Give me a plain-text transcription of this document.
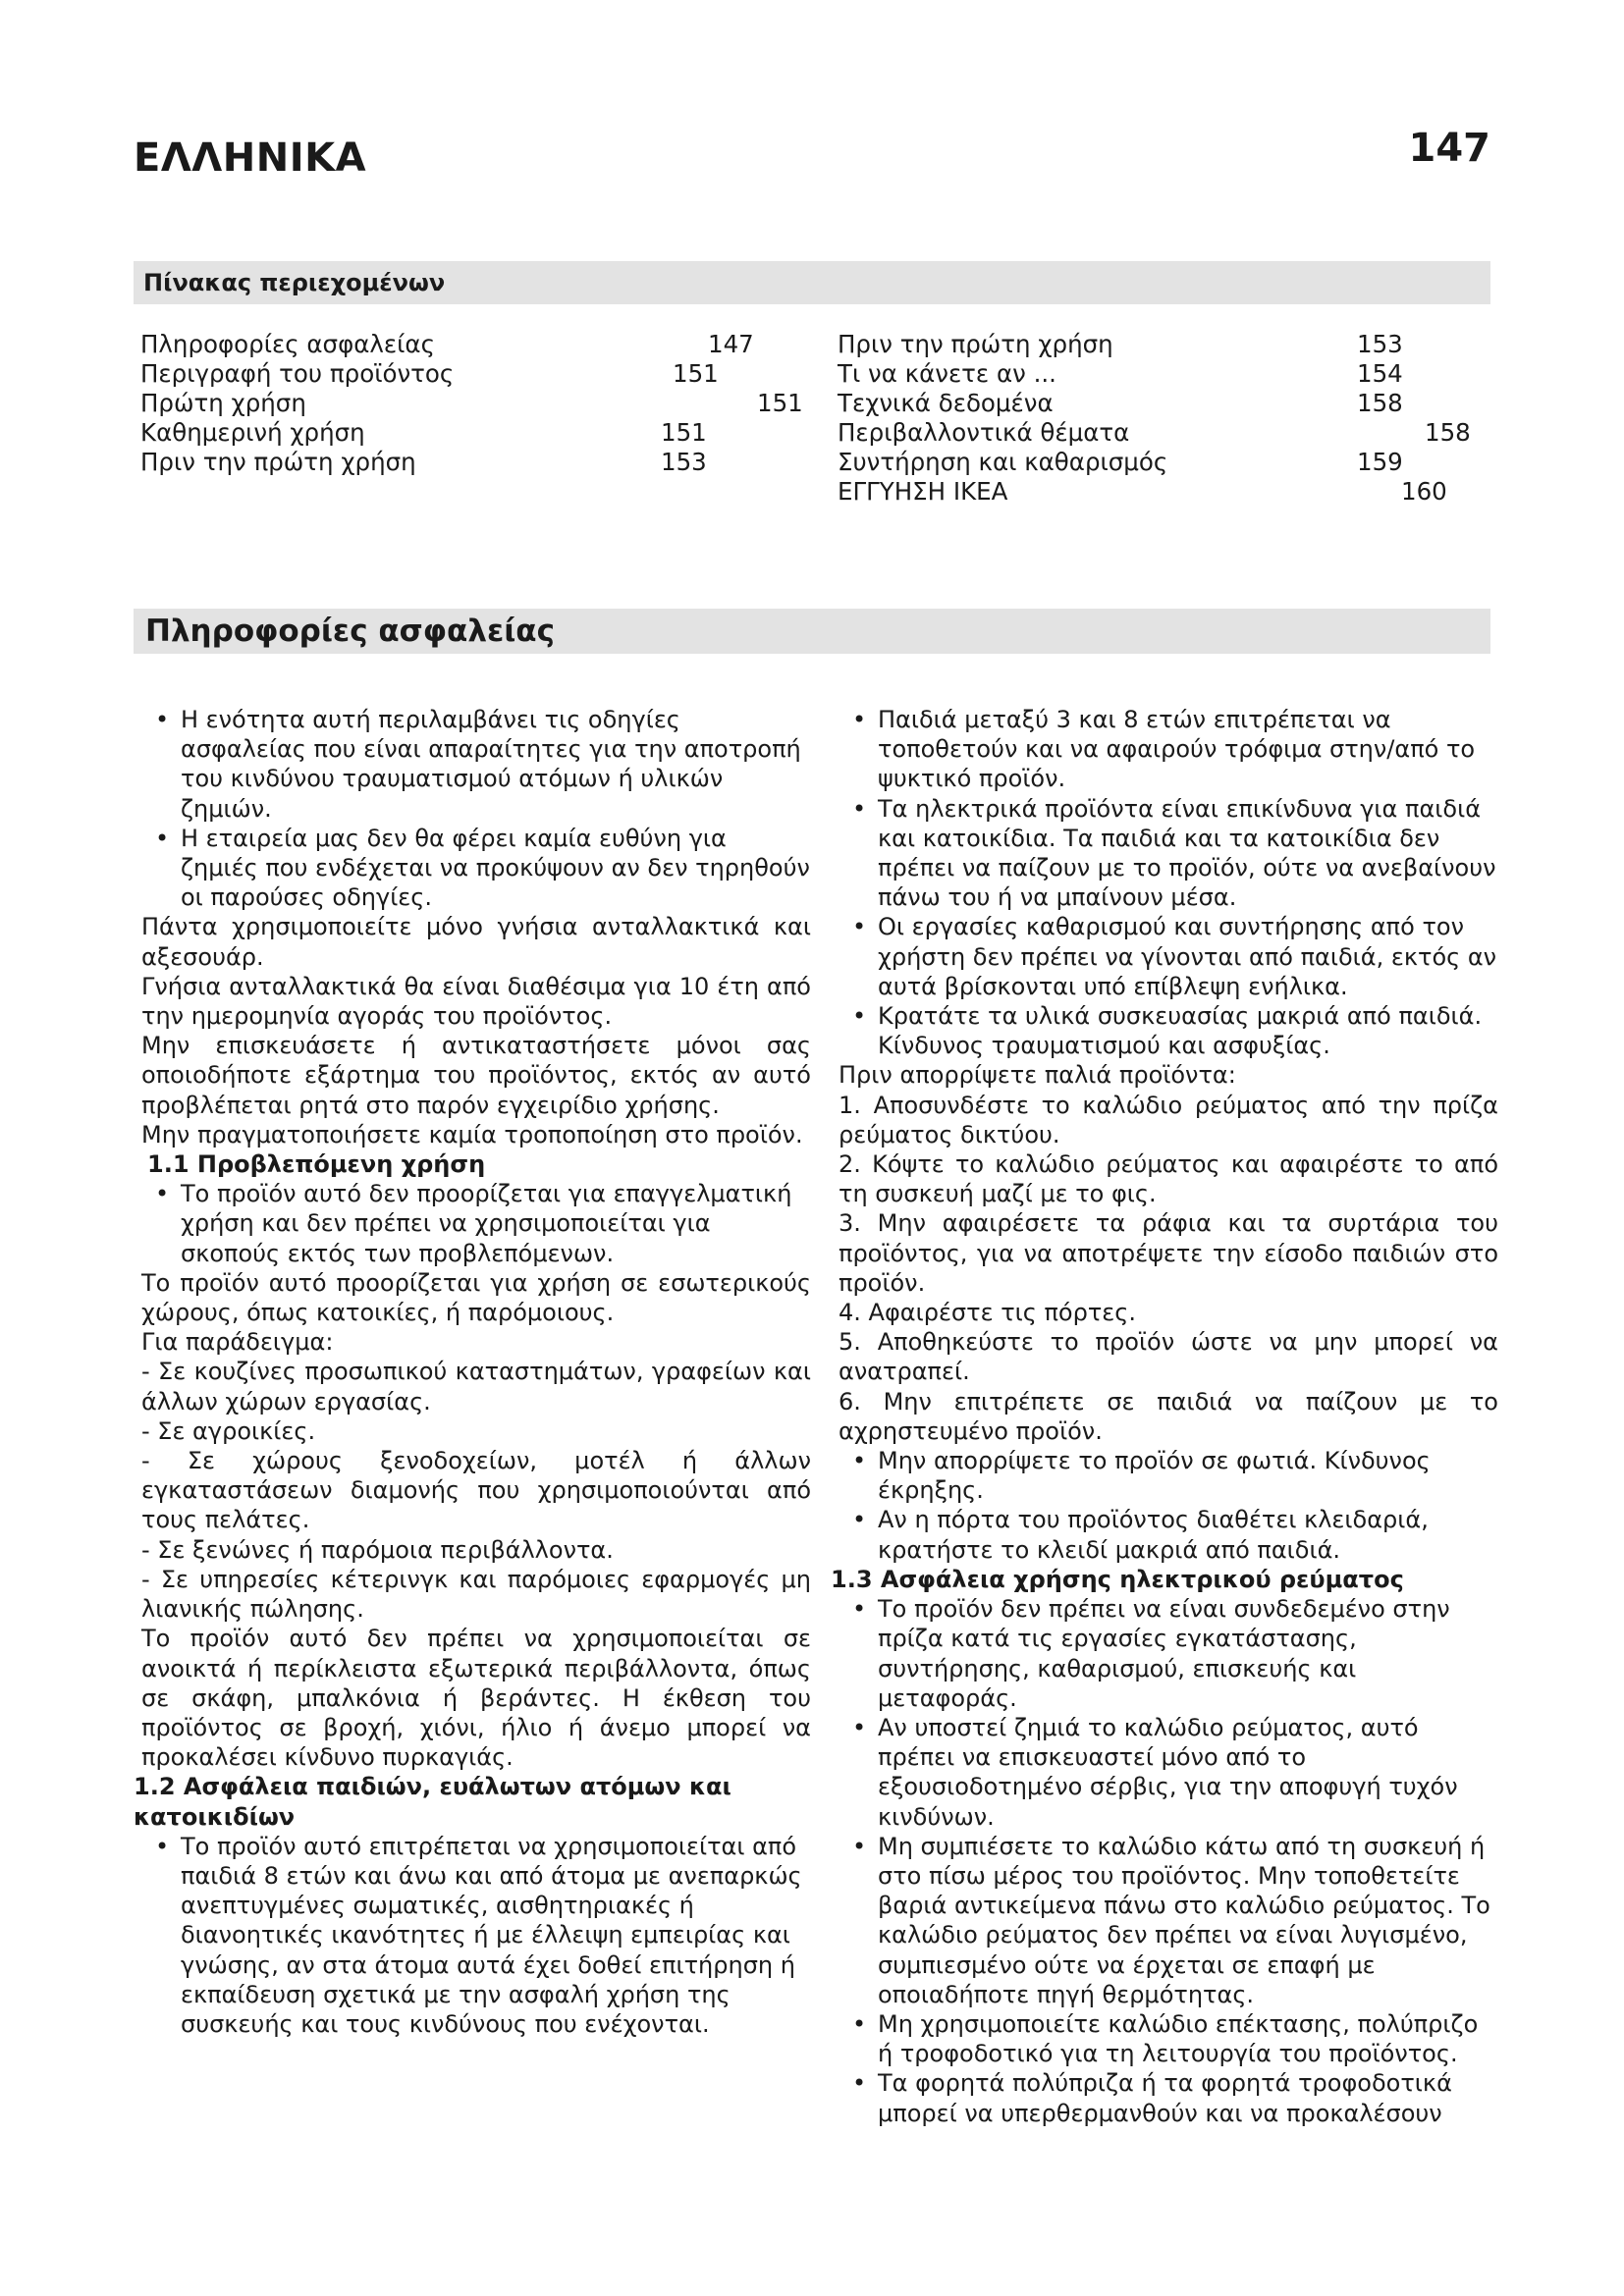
ΕΛΛΗΝΙΚΑ	147
Πίνακας περιεχομένων
Πληροφορίες ασφαλείας	147
Περιγραφή του προϊόντος	151
Πρώτη χρήση	151
Καθημερινή χρήση	151
Πριν την πρώτη χρήση	153
Πριν την πρώτη χρήση	153
Τι να κάνετε αν ...	154
Τεχνικά δεδομένα	158
Περιβαλλοντικά θέματα	158
Συντήρηση και καθαρισμός	159
ΕΓΓΥΗΣΗ IKEA	160
Πληροφορίες ασφαλείας

• Η ενότητα αυτή περιλαμβάνει τις οδηγίες ασφαλείας που είναι απαραίτητες για την αποτροπή του κινδύνου τραυματισμού ατόμων ή υλικών ζημιών.

• Η εταιρεία μας δεν θα φέρει καμία ευθύνη για ζημιές που ενδέχεται να προκύψουν αν δεν τηρηθούν οι παρούσες οδηγίες.

Πάντα χρησιμοποιείτε μόνο γνήσια ανταλλακτικά και αξεσουάρ.

Γνήσια ανταλλακτικά θα είναι διαθέσιμα για 10 έτη από την ημερομηνία αγοράς του προϊόντος.

Μην επισκευάσετε ή αντικαταστήσετε μόνοι σας οποιοδήποτε εξάρτημα του προϊόντος, εκτός αν αυτό προβλέπεται ρητά στο παρόν εγχειρίδιο χρήσης.

Μην πραγματοποιήσετε καμία τροποποίηση στο προϊόν.

1.1 Προβλεπόμενη χρήση

• Το προϊόν αυτό δεν προορίζεται για επαγγελματική χρήση και δεν πρέπει να χρησιμοποιείται για σκοπούς εκτός των προβλεπόμενων.

Το προϊόν αυτό προορίζεται για χρήση σε εσωτερικούς χώρους, όπως κατοικίες, ή παρόμοιους.

Για παράδειγμα:

- Σε κουζίνες προσωπικού καταστημάτων, γραφείων και άλλων χώρων εργασίας.

- Σε αγροικίες.

- Σε χώρους ξενοδοχείων, μοτέλ ή άλλων εγκαταστάσεων διαμονής που χρησιμοποιούνται από τους πελάτες.

- Σε ξενώνες ή παρόμοια περιβάλλοντα.

- Σε υπηρεσίες κέτερινγκ και παρόμοιες εφαρμογές μη λιανικής πώλησης.

Το προϊόν αυτό δεν πρέπει να χρησιμοποιείται σε ανοικτά ή περίκλειστα εξωτερικά περιβάλλοντα, όπως σε σκάφη, μπαλκόνια ή βεράντες. Η έκθεση του προϊόντος σε βροχή, χιόνι, ήλιο ή άνεμο μπορεί να προκαλέσει κίνδυνο πυρκαγιάς.

1.2 Ασφάλεια παιδιών, ευάλωτων ατόμων και κατοικιδίων

• Το προϊόν αυτό επιτρέπεται να χρησιμοποιείται από παιδιά 8 ετών και άνω και από άτομα με ανεπαρκώς ανεπτυγμένες σωματικές, αισθητηριακές ή διανοητικές ικανότητες ή με έλλειψη εμπειρίας και γνώσης, αν στα άτομα αυτά έχει δοθεί επιτήρηση ή εκπαίδευση σχετικά με την ασφαλή χρήση της συσκευής και τους κινδύνους που ενέχονται.

• Παιδιά μεταξύ 3 και 8 ετών επιτρέπεται να τοποθετούν και να αφαιρούν τρόφιμα στην/από το ψυκτικό προϊόν.

• Τα ηλεκτρικά προϊόντα είναι επικίνδυνα για παιδιά και κατοικίδια. Τα παιδιά και τα κατοικίδια δεν πρέπει να παίζουν με το προϊόν, ούτε να ανεβαίνουν πάνω του ή να μπαίνουν μέσα.

• Οι εργασίες καθαρισμού και συντήρησης από τον χρήστη δεν πρέπει να γίνονται από παιδιά, εκτός αν αυτά βρίσκονται υπό επίβλεψη ενήλικα.

• Κρατάτε τα υλικά συσκευασίας μακριά από παιδιά. Κίνδυνος τραυματισμού και ασφυξίας.

Πριν απορρίψετε παλιά προϊόντα:

1. Αποσυνδέστε το καλώδιο ρεύματος από την πρίζα ρεύματος δικτύου.

2. Κόψτε το καλώδιο ρεύματος και αφαιρέστε το από τη συσκευή μαζί με το φις.

3. Μην αφαιρέσετε τα ράφια και τα συρτάρια του προϊόντος, για να αποτρέψετε την είσοδο παιδιών στο προϊόν.

4. Αφαιρέστε τις πόρτες.

5. Αποθηκεύστε το προϊόν ώστε να μην μπορεί να ανατραπεί.

6. Μην επιτρέπετε σε παιδιά να παίζουν με το αχρηστευμένο προϊόν.

• Μην απορρίψετε το προϊόν σε φωτιά. Κίνδυνος έκρηξης.

• Αν η πόρτα του προϊόντος διαθέτει κλειδαριά, κρατήστε το κλειδί μακριά από παιδιά.

1.3 Ασφάλεια χρήσης ηλεκτρικού ρεύματος

• Το προϊόν δεν πρέπει να είναι συνδεδεμένο στην πρίζα κατά τις εργασίες εγκατάστασης, συντήρησης, καθαρισμού, επισκευής και μεταφοράς.

• Αν υποστεί ζημιά το καλώδιο ρεύματος, αυτό πρέπει να επισκευαστεί μόνο από το εξουσιοδοτημένο σέρβις, για την αποφυγή τυχόν κινδύνων.

• Μη συμπιέσετε το καλώδιο κάτω από τη συσκευή ή στο πίσω μέρος του προϊόντος. Μην τοποθετείτε βαριά αντικείμενα πάνω στο καλώδιο ρεύματος. Το καλώδιο ρεύματος δεν πρέπει να είναι λυγισμένο, συμπιεσμένο ούτε να έρχεται σε επαφή με οποιαδήποτε πηγή θερμότητας.

• Μη χρησιμοποιείτε καλώδιο επέκτασης, πολύπριζο ή τροφοδοτικό για τη λειτουργία του προϊόντος.

• Τα φορητά πολύπριζα ή τα φορητά τροφοδοτικά μπορεί να υπερθερμανθούν και να προκαλέσουν
